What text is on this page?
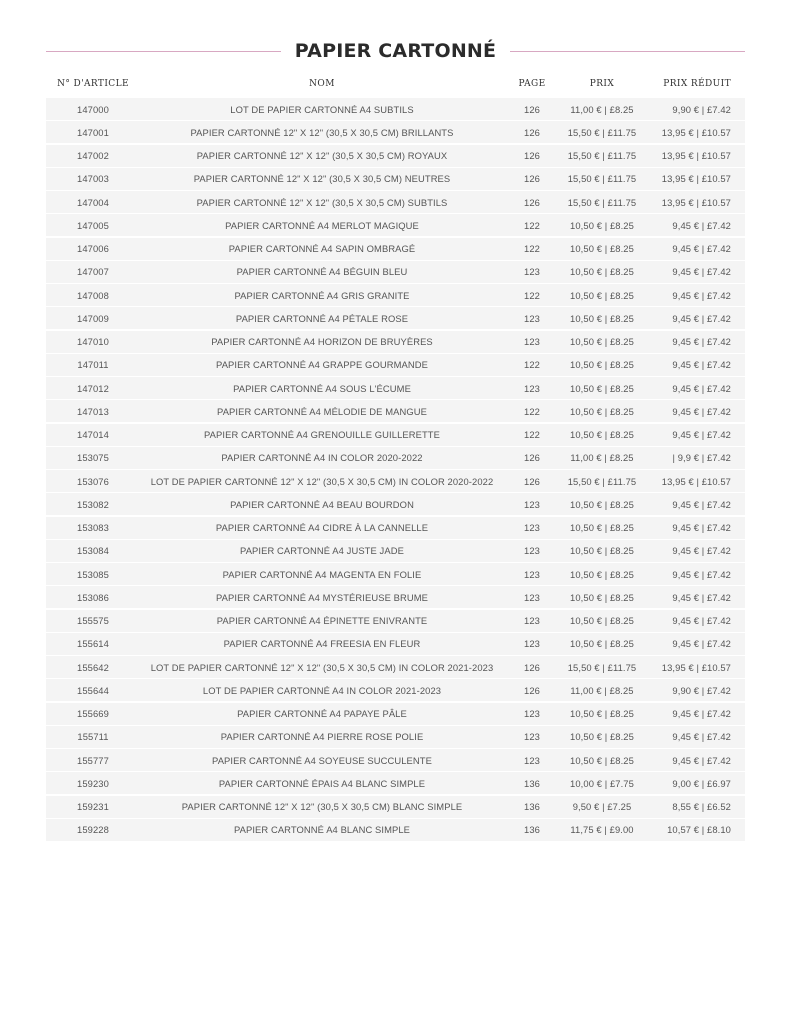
PAPIER CARTONNÉ
N° D'ARTICLE	NOM	PAGE	PRIX	PRIX RÉDUIT
147000	LOT DE PAPIER CARTONNÉ A4 SUBTILS	126	11,00 € | £8.25	9,90 € | £7.42
147001	PAPIER CARTONNÉ 12" X 12" (30,5 X 30,5 CM) BRILLANTS	126	15,50 € | £11.75	13,95 € | £10.57
147002	PAPIER CARTONNÉ 12" X 12" (30,5 X 30,5 CM) ROYAUX	126	15,50 € | £11.75	13,95 € | £10.57
147003	PAPIER CARTONNÉ 12" X 12" (30,5 X 30,5 CM) NEUTRES	126	15,50 € | £11.75	13,95 € | £10.57
147004	PAPIER CARTONNÉ 12" X 12" (30,5 X 30,5 CM) SUBTILS	126	15,50 € | £11.75	13,95 € | £10.57
147005	PAPIER CARTONNÉ A4 MERLOT MAGIQUE	122	10,50 € | £8.25	9,45 € | £7.42
147006	PAPIER CARTONNÉ A4 SAPIN OMBRAGÉ	122	10,50 € | £8.25	9,45 € | £7.42
147007	PAPIER CARTONNÉ A4 BÉGUIN BLEU	123	10,50 € | £8.25	9,45 € | £7.42
147008	PAPIER CARTONNÉ A4 GRIS GRANITE	122	10,50 € | £8.25	9,45 € | £7.42
147009	PAPIER CARTONNÉ A4 PÉTALE ROSE	123	10,50 € | £8.25	9,45 € | £7.42
147010	PAPIER CARTONNÉ A4 HORIZON DE BRUYÈRES	123	10,50 € | £8.25	9,45 € | £7.42
147011	PAPIER CARTONNÉ A4 GRAPPE GOURMANDE	122	10,50 € | £8.25	9,45 € | £7.42
147012	PAPIER CARTONNÉ A4 SOUS L'ÉCUME	123	10,50 € | £8.25	9,45 € | £7.42
147013	PAPIER CARTONNÉ A4 MÉLODIE DE MANGUE	122	10,50 € | £8.25	9,45 € | £7.42
147014	PAPIER CARTONNÉ A4 GRENOUILLE GUILLERETTE	122	10,50 € | £8.25	9,45 € | £7.42
153075	PAPIER CARTONNÉ A4 IN COLOR 2020-2022	126	11,00 € | £8.25	| 9,9 € | £7.42
153076	LOT DE PAPIER CARTONNÉ 12" X 12" (30,5 X 30,5 CM) IN COLOR 2020-2022	126	15,50 € | £11.75	13,95 € | £10.57
153082	PAPIER CARTONNÉ A4 BEAU BOURDON	123	10,50 € | £8.25	9,45 € | £7.42
153083	PAPIER CARTONNÉ A4 CIDRE À LA CANNELLE	123	10,50 € | £8.25	9,45 € | £7.42
153084	PAPIER CARTONNÉ A4 JUSTE JADE	123	10,50 € | £8.25	9,45 € | £7.42
153085	PAPIER CARTONNÉ A4 MAGENTA EN FOLIE	123	10,50 € | £8.25	9,45 € | £7.42
153086	PAPIER CARTONNÉ A4 MYSTÉRIEUSE BRUME	123	10,50 € | £8.25	9,45 € | £7.42
155575	PAPIER CARTONNÉ A4 ÉPINETTE ENIVRANTE	123	10,50 € | £8.25	9,45 € | £7.42
155614	PAPIER CARTONNÉ A4 FREESIA EN FLEUR	123	10,50 € | £8.25	9,45 € | £7.42
155642	LOT DE PAPIER CARTONNÉ 12" X 12" (30,5 X 30,5 CM) IN COLOR 2021-2023	126	15,50 € | £11.75	13,95 € | £10.57
155644	LOT DE PAPIER CARTONNÉ A4 IN COLOR 2021-2023	126	11,00 € | £8.25	9,90 € | £7.42
155669	PAPIER CARTONNÉ A4 PAPAYE PÂLE	123	10,50 € | £8.25	9,45 € | £7.42
155711	PAPIER CARTONNÉ A4 PIERRE ROSE POLIE	123	10,50 € | £8.25	9,45 € | £7.42
155777	PAPIER CARTONNÉ A4 SOYEUSE SUCCULENTE	123	10,50 € | £8.25	9,45 € | £7.42
159230	PAPIER CARTONNÉ ÉPAIS A4 BLANC SIMPLE	136	10,00 € | £7.75	9,00 € | £6.97
159231	PAPIER CARTONNÉ 12" X 12" (30,5 X 30,5 CM) BLANC SIMPLE	136	9,50 € | £7.25	8,55 € | £6.52
159228	PAPIER CARTONNÉ A4 BLANC SIMPLE	136	11,75 € | £9.00	10,57 € | £8.10
